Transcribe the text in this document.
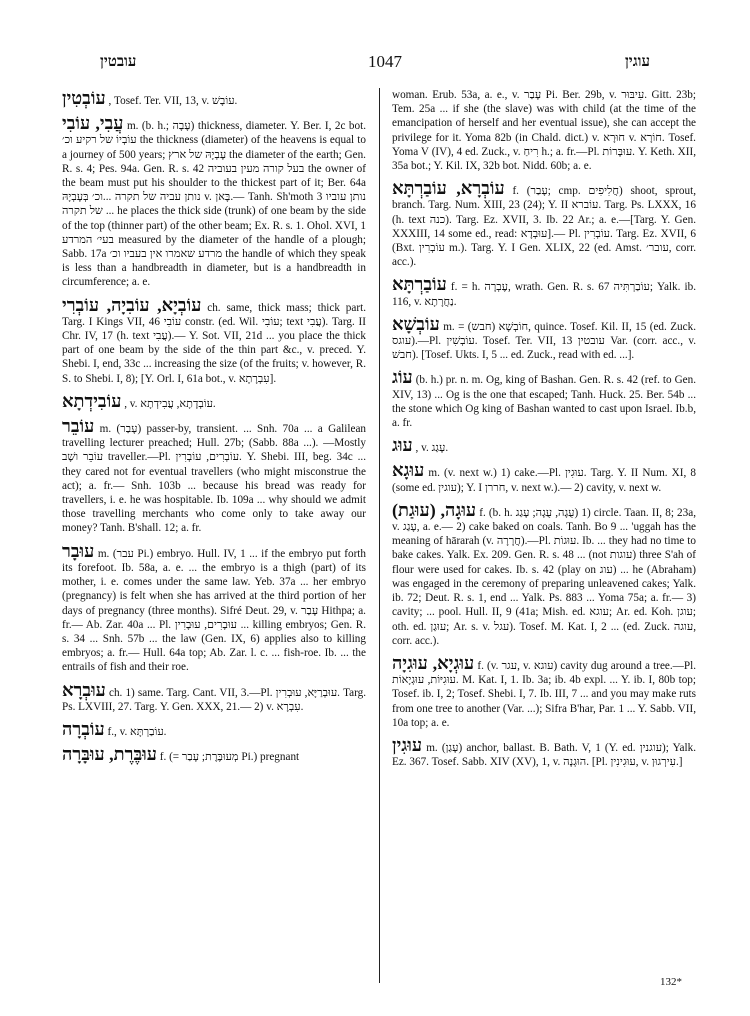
עובטין	1047	עוגין

עוֹבְטִין , Tosef. Ter. VII, 13, v. עוֹבָשׁ.

עֲבִי, עוֹבִי m. (b. h.; עָבָה) thickness, diameter. Y. Ber. I, 2c bot. עוֹבְיוֹ של רקיע וכ׳ the thickness (diameter) of the heavens is equal to a journey of 500 years; עָבְיָהּ של ארץ the diameter of the earth; Gen. R. s. 4; Pes. 94a. Gen. R. s. 42 בעל קורה מעין בעוביה the owner of the beam must put his shoulder to the thickest part of it; Ber. 64a נותן עביה של תקרה ...וכ׳ בְּעָבְיָהּ v. בָּאן.— Tanh. Sh'moth 3 נותן עוביו של תקרה ... he places the thick side (trunk) of one beam by the side of the top (thinner part) of the other beam; Ex. R. s. 1. Ohol. XVI, 1 בעי׳ המרדע measured by the diameter of the handle of a plough; Sabb. 17a מרדע שאמרו אין בעביו וכ׳ the handle of which they speak is less than a handbreadth in diameter, but is a handbreadth in circumference; a. e.

עוֹבְיָא, עוֹבִיָה, עוֹבְרִי ch. same, thick mass; thick part. Targ. I Kings VII, 46 עוֹבִי constr. (ed. Wil. עוֹבִי; text עֲבִי). Targ. II Chr. IV, 17 (h. text עֲבִי).— Y. Sot. VII, 21d ... you place the thick part of one beam by the side of the thin part &c., v. preced. Y. Shebi. I, end, 33c ... increasing the size (of the fruits; v. however, R. S. to Shebi. I, 8); [Y. Orl. I, 61a bot., v. עִבְרָתָא].

עוֹבִידְתָא , v. עוֹבְדָתָא, עֲבִידְתָא.

עוֹבֵר m. (עָבַר) passer-by, transient. ... Snh. 70a ... a Galilean travelling lecturer preached; Hull. 27b; (Sabb. 88a ...). —Mostly עוֹבֵר ושָׁב traveller.—Pl. עוֹבְרִים, עוֹבְרִין. Y. Shebi. III, beg. 34c ... they cared not for eventual travellers (who might misconstrue the act); a. fr.— Snh. 103b ... because his bread was ready for travellers, i. e. he was hospitable. Ib. 109a ... why should we admit those travelling merchants who come only to take away our money? Tanh. B'shall. 12; a. fr.

עוּבָר m. (עבר Pi.) embryo. Hull. IV, 1 ... if the embryo put forth its forefoot. Ib. 58a, a. e. ... the embryo is a thigh (part) of its mother, i. e. comes under the same law. Yeb. 37a ... her embryo (pregnancy) is felt when she has arrived at the third portion of her days of pregnancy (three months). Sifré Deut. 29, v. עָבַר Hithpa; a. fr.— Ab. Zar. 40a ... Pl. עוּבָרִים, עוּבָרִין ... killing embryos; Gen. R. s. 34 ... Snh. 57b ... the law (Gen. IX, 6) applies also to killing embryos; a. fr.— Hull. 64a top; Ab. Zar. l. c. ... fish-roe. Ib. ... the entrails of fish and their roe.

עוּבְרָא ch. 1) same. Targ. Cant. VII, 3.—Pl. עוּבְרַיָּא, עוּבְרִין. Targ. Ps. LXVIII, 27. Targ. Y. Gen. XXX, 21.— 2) v. עִבְרָא.

עוֹבְרָה f., v. עוֹבַרְתָּא.

עוּבֶּרֶת, עוּבָּרָה f. (= מְעוּבֶּרֶת; עָבַר Pi.) pregnant

woman. Erub. 53a, a. e., v. עָבַר Pi. Ber. 29b, v. עִיבּוּר. Gitt. 23b; Tem. 25a ... if she (the slave) was with child (at the time of the emancipation of herself and her eventual issue), she can accept the privilege for it. Yoma 82b (in Chald. dict.) v. חוּרָא v. חוֹרָא. Tosef. Yoma V (IV), 4 ed. Zuck., v. רִיחַ h.; a. fr.—Pl. עוּבָּרוֹת. Y. Keth. XII, 35a bot.; Y. Kil. IX, 32b bot. Nidd. 60b; a. e.

עוֹבְרָא, עוֹבַרְתָּא f. (עָבַר; cmp. חֲלִיפִים) shoot, sprout, branch. Targ. Num. XIII, 23 (24); Y. II עוֹברא. Targ. Ps. LXXX, 16 (h. text כנה). Targ. Ez. XVII, 3. Ib. 22 Ar.; a. e.—[Targ. Y. Gen. XXXIII, 14 some ed., read: עוּבְדָא].— Pl. עוֹבְרִין. Targ. Ez. XVII, 6 (Bxt. עוֹבְרִין m.). Targ. Y. I Gen. XLIX, 22 (ed. Amst. עובר׳, corr. acc.).

עוֹבַרְתָּא f. = h. עֶבְרָה, wrath. Gen. R. s. 67 עוֹבַרְתִּיה; Yalk. ib. 116, v. נַחֲרָתָא.

עוֹבְשָׁא m. = חוֹבְשָׁא (חבש), quince. Tosef. Kil. II, 15 (ed. Zuck. עוגס).—Pl. עוֹבְשִׁין. Tosef. Ter. VII, 13 עובטין Var. (corr. acc., v. חבשׁ). [Tosef. Ukts. I, 5 ... ed. Zuck., read with ed. ...].

עוֹג (b. h.) pr. n. m. Og, king of Bashan. Gen. R. s. 42 (ref. to Gen. XIV, 13) ... Og is the one that escaped; Tanh. Huck. 25. Ber. 54b ... the stone which Og king of Bashan wanted to cast upon Israel. Ib.b, a. fr.

עוּג , v. עָגַג.

עוּגָא m. (v. next w.) 1) cake.—Pl. עוּגִין. Targ. Y. II Num. XI, 8 (some ed. עוגין); Y. I חררן, v. next w.).— 2) cavity, v. next w.

עוּגָה, (עוּגַת) f. (b. h. עֻגָה, עֻגָה; עָגַג) 1) circle. Taan. II, 8; 23a, v. עָגַג, a. e.— 2) cake baked on coals. Tanh. Bo 9 ... 'uggah has the meaning of hārarah (v. חֲרָרָה).—Pl. עוּגוֹת. Ib. ... they had no time to bake cakes. Yalk. Ex. 209. Gen. R. s. 48 ... (not עוגות) three S'ah of flour were used for cakes. Ib. s. 42 (play on עוג) ... he (Abraham) was engaged in the ceremony of preparing unleavened cakes; Yalk. ib. 72; Deut. R. s. 1, end ... Yalk. Ps. 883 ... Yoma 75a; a. fr.— 3) cavity; ... pool. Hull. II, 9 (41a; Mish. ed. עוגא; Ar. ed. Koh. עוגן; oth. ed. עוּגַן; Ar. s. v. עגל). Tosef. M. Kat. I, 2 ... (ed. Zuck. עוגה, corr. acc.).

עוּגְיָא, עוּגִיָה f. (v. עגר, v. עוגא) cavity dug around a tree.—Pl. עוּגִיּוֹת, עוּגְיָאוֹת. M. Kat. I, 1. Ib. 3a; ib. 4b expl. ... Y. ib. I, 80b top; Tosef. ib. I, 2; Tosef. Shebi. I, 7. Ib. III, 7 ... and you may make ruts from one tree to another (Var. ...); Sifra B'har, Par. 1 ... Y. Sabb. VII, 10a top; a. e.

עוּגִין m. (עָגַן) anchor, ballast. B. Bath. V, 1 (Y. ed. עוגנין); Yalk. Ez. 367. Tosef. Sabb. XIV (XV), 1, v. הוּגְנָה. [Pl. עוּגִינִין, v. עִירְגוּן.]

132*
